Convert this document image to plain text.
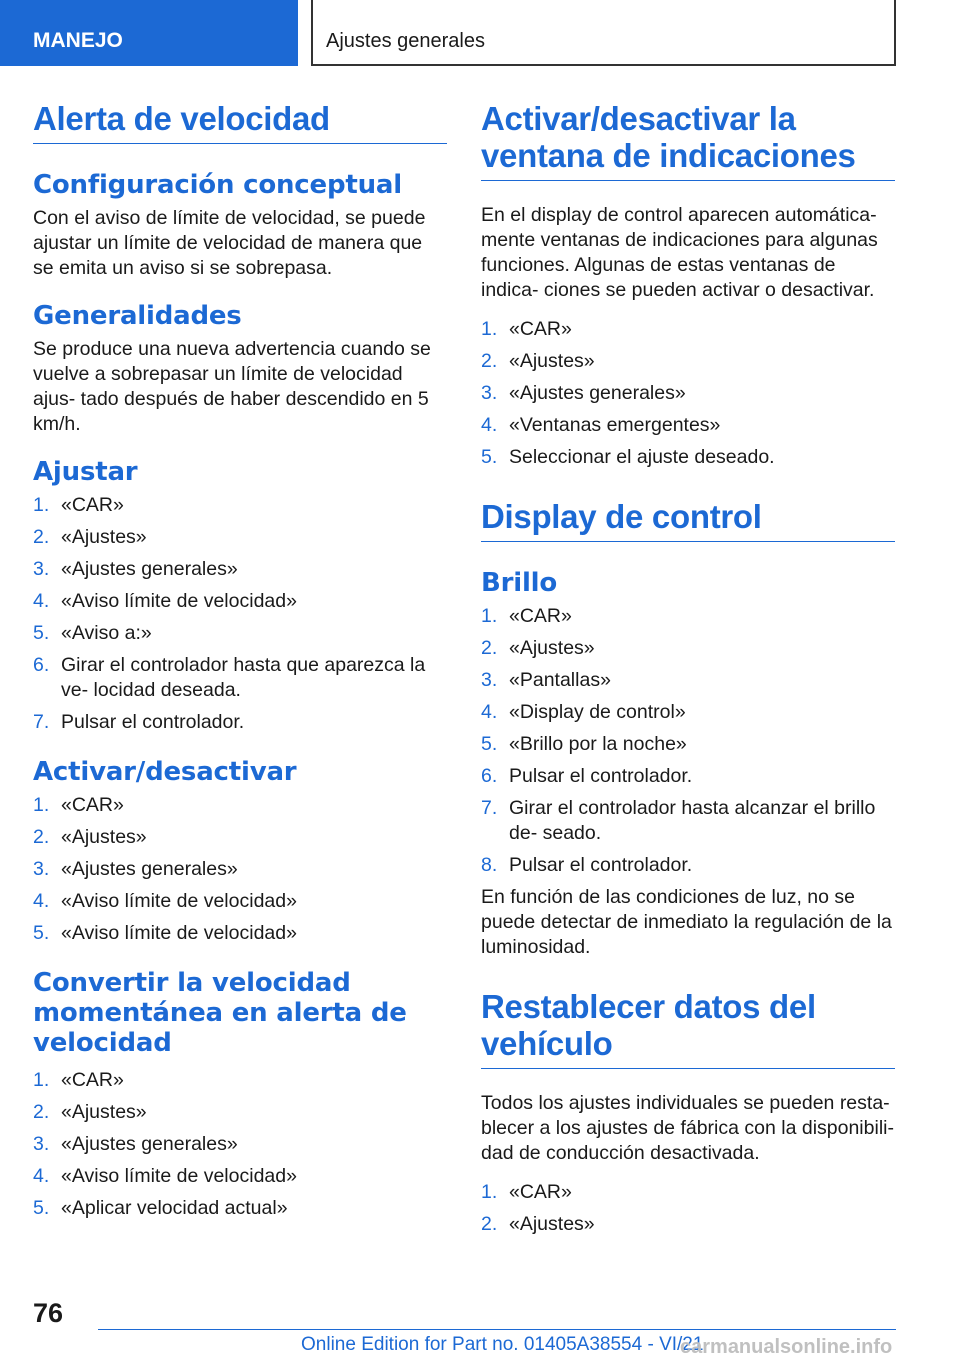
MANEJO	Ajustes generales
Alerta de velocidad
Configuración conceptual

Con el aviso de límite de velocidad, se puede ajustar un límite de velocidad de manera que se emita un aviso si se sobrepasa.

Generalidades

Se produce una nueva advertencia cuando se vuelve a sobrepasar un límite de velocidad ajus- tado después de haber descendido en 5 km/h.

Ajustar
1. «CAR»
2. «Ajustes»
3. «Ajustes generales»
4. «Aviso límite de velocidad»
5. «Aviso a:»
6. Girar el controlador hasta que aparezca la ve- locidad deseada.
7. Pulsar el controlador.
Activar/desactivar
1. «CAR»
2. «Ajustes»
3. «Ajustes generales»
4. «Aviso límite de velocidad»
5. «Aviso límite de velocidad»
Convertir la velocidad momentánea en alerta de velocidad
1. «CAR»
2. «Ajustes»
3. «Ajustes generales»
4. «Aviso límite de velocidad»
5. «Aplicar velocidad actual»
Activar/desactivar la ventana de indicaciones

En el display de control aparecen automática- mente ventanas de indicaciones para algunas funciones. Algunas de estas ventanas de indica- ciones se pueden activar o desactivar.

1. «CAR»
2. «Ajustes»
3. «Ajustes generales»
4. «Ventanas emergentes»
5. Seleccionar el ajuste deseado.
Display de control
Brillo
1. «CAR»
2. «Ajustes»
3. «Pantallas»
4. «Display de control»
5. «Brillo por la noche»
6. Pulsar el controlador.
7. Girar el controlador hasta alcanzar el brillo de- seado.
8. Pulsar el controlador.

En función de las condiciones de luz, no se puede detectar de inmediato la regulación de la luminosidad.

Restablecer datos del vehículo

Todos los ajustes individuales se pueden resta- blecer a los ajustes de fábrica con la disponibili- dad de conducción desactivada.

1. «CAR»
2. «Ajustes»
76
Online Edition for Part no. 01405A38554 - VI/21
carmanualsonline.info
